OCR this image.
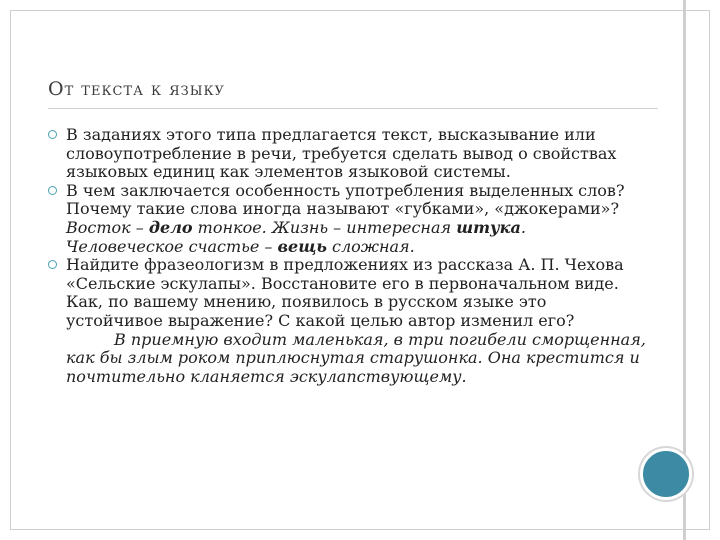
От текста к языку

В заданиях этого типа предлагается текст, высказывание или словоупотребление в речи, требуется сделать вывод о свойствах языковых единиц как элементов языковой системы.

В чем заключается особенность употребления выделенных слов? Почему такие слова иногда называют «губками», «джокерами»? Восток – дело тонкое. Жизнь – интересная штука. Человеческое счастье – вещь сложная.

Найдите фразеологизм в предложениях из рассказа А. П. Чехова «Сельские эскулапы». Восстановите его в первоначальном виде. Как, по вашему мнению, появилось в русском языке это устойчивое выражение? С какой целью автор изменил его?

В приемную входит маленькая, в три погибели сморщенная, как бы злым роком приплюснутая старушонка. Она крестится и почтительно кланяется эскулапствующему.
